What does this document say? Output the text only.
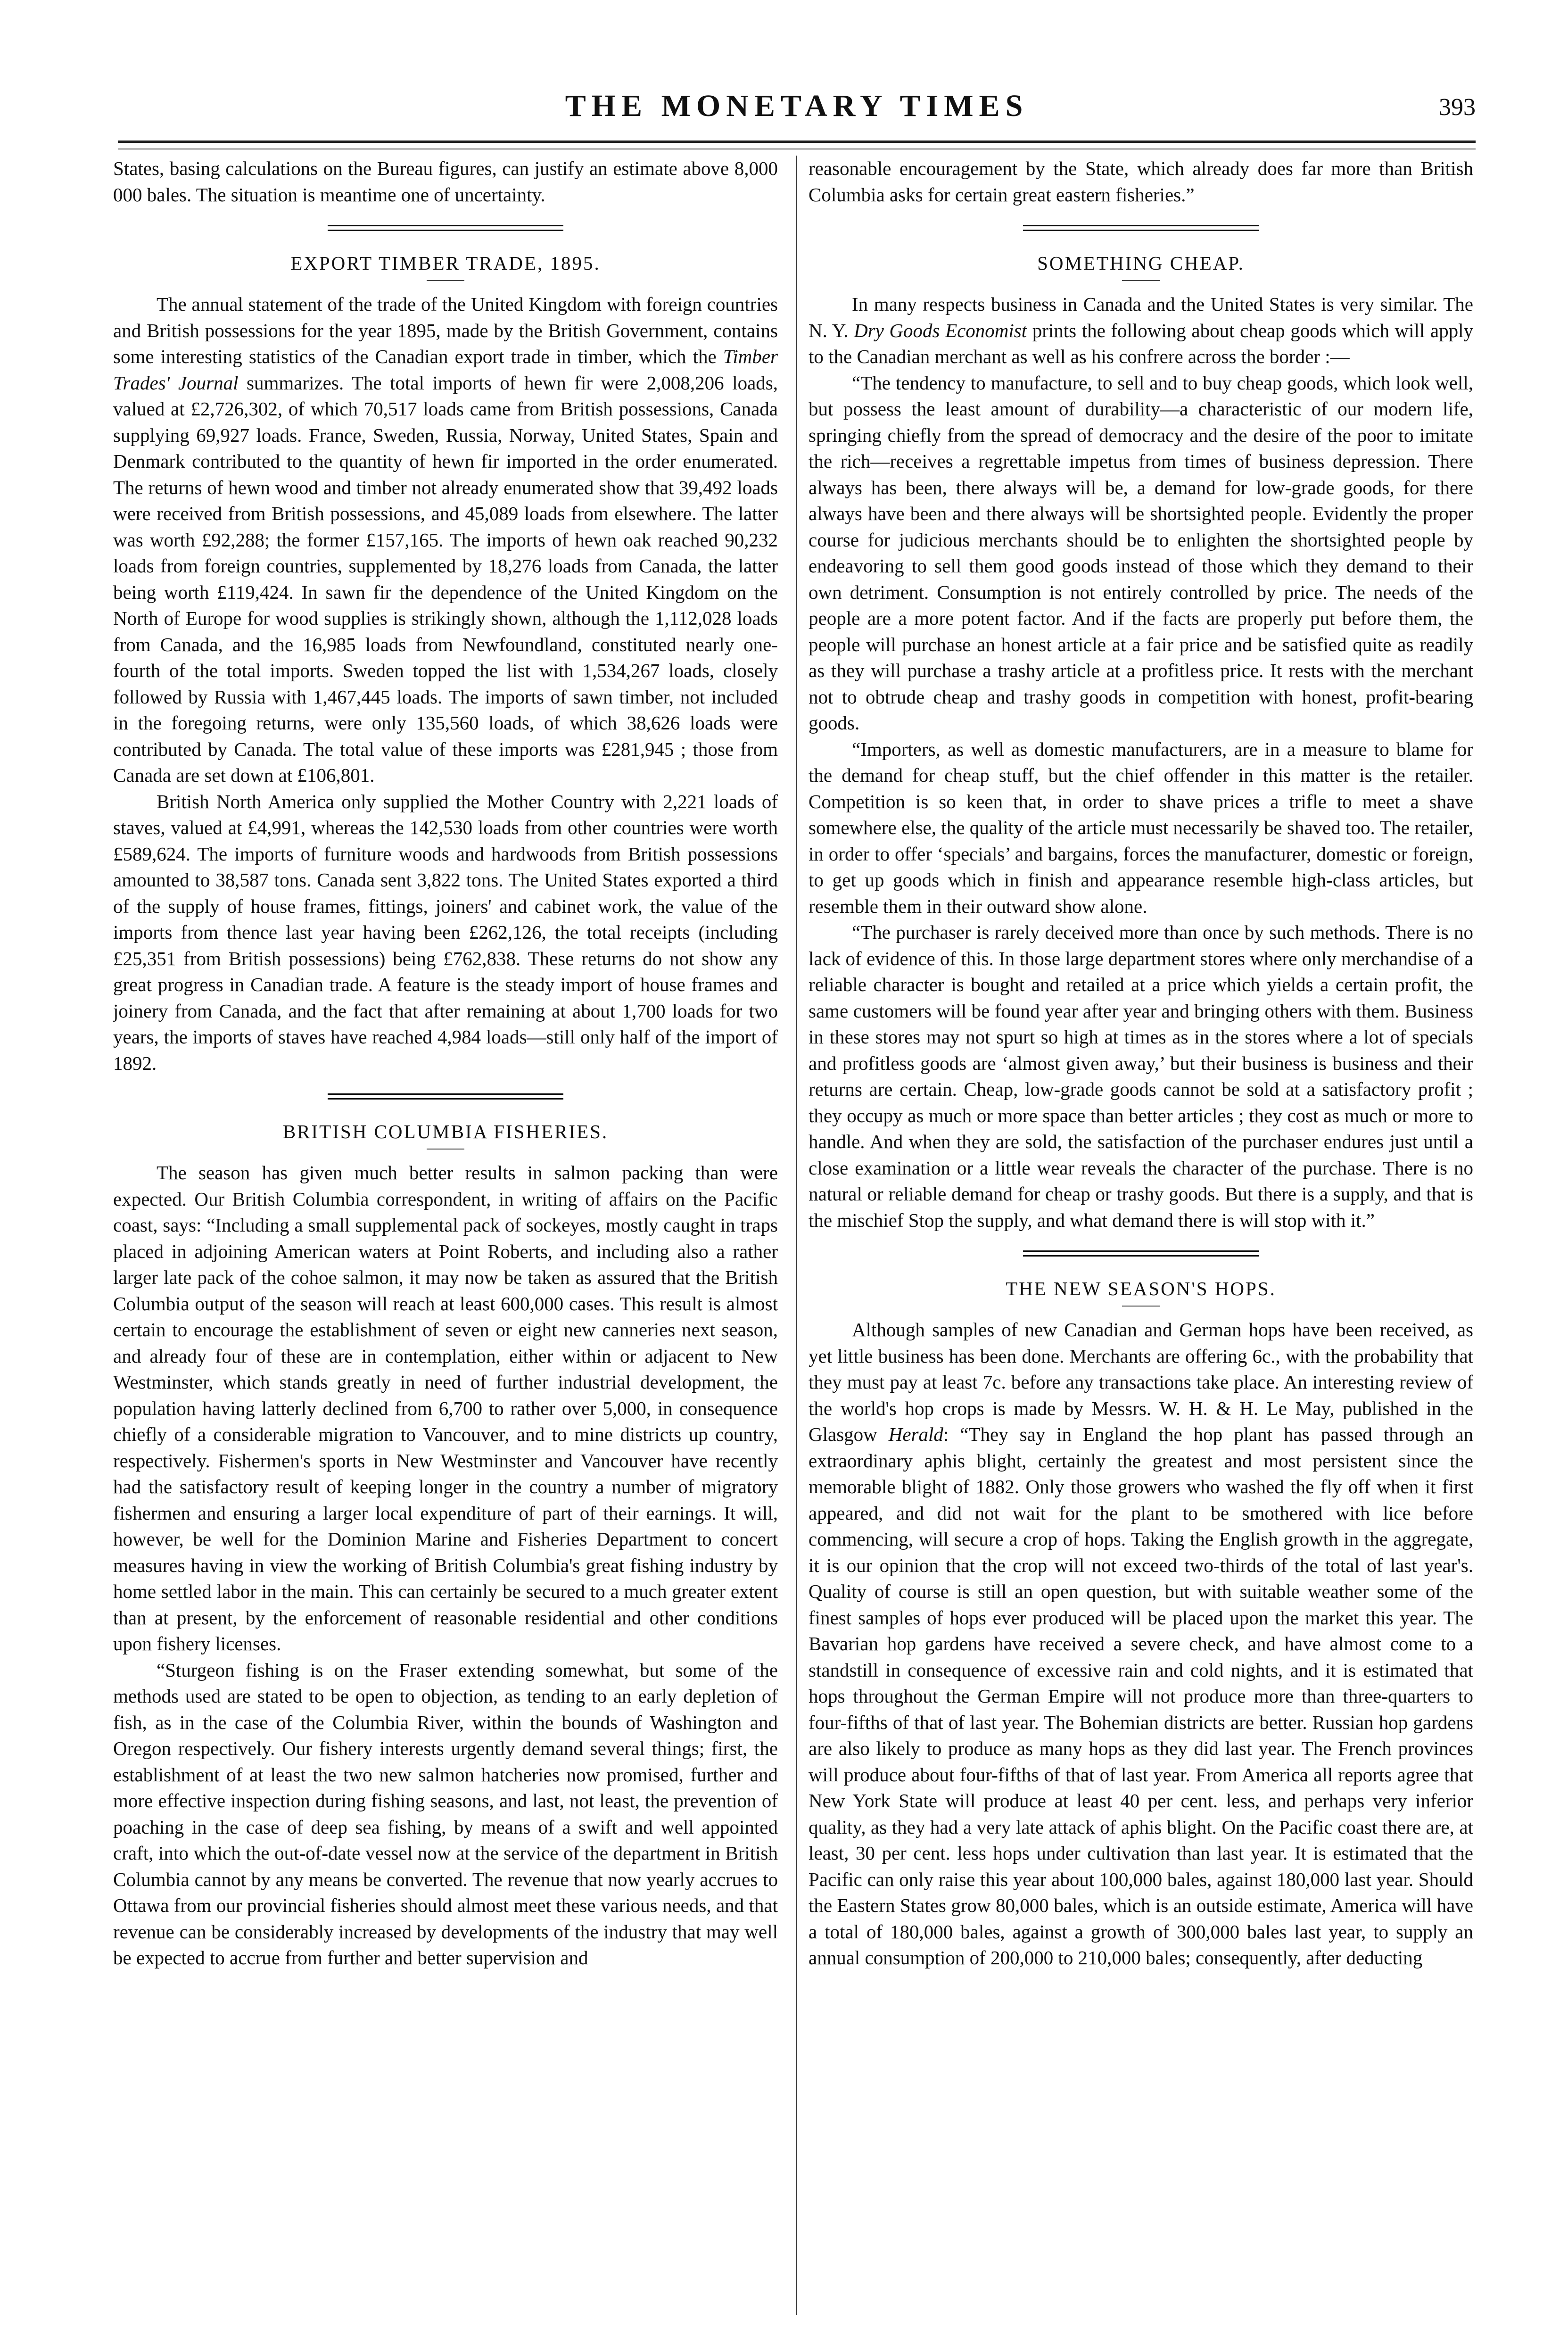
THE MONETARY TIMES	393

States, basing calculations on the Bureau figures, can justify an estimate above 8,000 000 bales. The situation is meantime one of uncertainty.

EXPORT TIMBER TRADE, 1895.

The annual statement of the trade of the United Kingdom with foreign countries and British possessions for the year 1895, made by the British Government, contains some interesting statistics of the Canadian export trade in timber, which the Timber Trades' Journal summarizes. The total imports of hewn fir were 2,008,206 loads, valued at £2,726,302, of which 70,517 loads came from British possessions, Canada supplying 69,927 loads. France, Sweden, Russia, Norway, United States, Spain and Denmark contributed to the quantity of hewn fir imported in the order enumerated. The returns of hewn wood and timber not already enumerated show that 39,492 loads were received from British possessions, and 45,089 loads from elsewhere. The latter was worth £92,288; the former £157,165. The imports of hewn oak reached 90,232 loads from foreign countries, supplemented by 18,276 loads from Canada, the latter being worth £119,424. In sawn fir the dependence of the United Kingdom on the North of Europe for wood supplies is strikingly shown, although the 1,112,028 loads from Canada, and the 16,985 loads from Newfoundland, constituted nearly one-fourth of the total imports. Sweden topped the list with 1,534,267 loads, closely followed by Russia with 1,467,445 loads. The imports of sawn timber, not included in the foregoing returns, were only 135,560 loads, of which 38,626 loads were contributed by Canada. The total value of these imports was £281,945 ; those from Canada are set down at £106,801.

British North America only supplied the Mother Country with 2,221 loads of staves, valued at £4,991, whereas the 142,530 loads from other countries were worth £589,624. The imports of furniture woods and hardwoods from British possessions amounted to 38,587 tons. Canada sent 3,822 tons. The United States exported a third of the supply of house frames, fittings, joiners' and cabinet work, the value of the imports from thence last year having been £262,126, the total receipts (including £25,351 from British possessions) being £762,838. These returns do not show any great progress in Canadian trade. A feature is the steady import of house frames and joinery from Canada, and the fact that after remaining at about 1,700 loads for two years, the imports of staves have reached 4,984 loads—still only half of the import of 1892.

BRITISH COLUMBIA FISHERIES.

The season has given much better results in salmon packing than were expected. Our British Columbia correspondent, in writing of affairs on the Pacific coast, says: “Including a small supplemental pack of sockeyes, mostly caught in traps placed in adjoining American waters at Point Roberts, and including also a rather larger late pack of the cohoe salmon, it may now be taken as assured that the British Columbia output of the season will reach at least 600,000 cases. This result is almost certain to encourage the establishment of seven or eight new canneries next season, and already four of these are in contemplation, either within or adjacent to New Westminster, which stands greatly in need of further industrial development, the population having latterly declined from 6,700 to rather over 5,000, in consequence chiefly of a considerable migration to Vancouver, and to mine districts up country, respectively. Fishermen's sports in New Westminster and Vancouver have recently had the satisfactory result of keeping longer in the country a number of migratory fishermen and ensuring a larger local expenditure of part of their earnings. It will, however, be well for the Dominion Marine and Fisheries Department to concert measures having in view the working of British Columbia's great fishing industry by home settled labor in the main. This can certainly be secured to a much greater extent than at present, by the enforcement of reasonable residential and other conditions upon fishery licenses.

“Sturgeon fishing is on the Fraser extending somewhat, but some of the methods used are stated to be open to objection, as tending to an early depletion of fish, as in the case of the Columbia River, within the bounds of Washington and Oregon respectively. Our fishery interests urgently demand several things; first, the establishment of at least the two new salmon hatcheries now promised, further and more effective inspection during fishing seasons, and last, not least, the prevention of poaching in the case of deep sea fishing, by means of a swift and well appointed craft, into which the out-of-date vessel now at the service of the department in British Columbia cannot by any means be converted. The revenue that now yearly accrues to Ottawa from our provincial fisheries should almost meet these various needs, and that revenue can be considerably increased by developments of the industry that may well be expected to accrue from further and better supervision and

reasonable encouragement by the State, which already does far more than British Columbia asks for certain great eastern fisheries.”

SOMETHING CHEAP.

In many respects business in Canada and the United States is very similar. The N. Y. Dry Goods Economist prints the following about cheap goods which will apply to the Canadian merchant as well as his confrere across the border :—

“The tendency to manufacture, to sell and to buy cheap goods, which look well, but possess the least amount of durability—a characteristic of our modern life, springing chiefly from the spread of democracy and the desire of the poor to imitate the rich—receives a regrettable impetus from times of business depression. There always has been, there always will be, a demand for low-grade goods, for there always have been and there always will be shortsighted people. Evidently the proper course for judicious merchants should be to enlighten the shortsighted people by endeavoring to sell them good goods instead of those which they demand to their own detriment. Consumption is not entirely controlled by price. The needs of the people are a more potent factor. And if the facts are properly put before them, the people will purchase an honest article at a fair price and be satisfied quite as readily as they will purchase a trashy article at a profitless price. It rests with the merchant not to obtrude cheap and trashy goods in competition with honest, profit-bearing goods.

“Importers, as well as domestic manufacturers, are in a measure to blame for the demand for cheap stuff, but the chief offender in this matter is the retailer. Competition is so keen that, in order to shave prices a trifle to meet a shave somewhere else, the quality of the article must necessarily be shaved too. The retailer, in order to offer ‘specials’ and bargains, forces the manufacturer, domestic or foreign, to get up goods which in finish and appearance resemble high-class articles, but resemble them in their outward show alone.

“The purchaser is rarely deceived more than once by such methods. There is no lack of evidence of this. In those large department stores where only merchandise of a reliable character is bought and retailed at a price which yields a certain profit, the same customers will be found year after year and bringing others with them. Business in these stores may not spurt so high at times as in the stores where a lot of specials and profitless goods are ‘almost given away,’ but their business is business and their returns are certain. Cheap, low-grade goods cannot be sold at a satisfactory profit ; they occupy as much or more space than better articles ; they cost as much or more to handle. And when they are sold, the satisfaction of the purchaser endures just until a close examination or a little wear reveals the character of the purchase. There is no natural or reliable demand for cheap or trashy goods. But there is a supply, and that is the mischief Stop the supply, and what demand there is will stop with it.”

THE NEW SEASON'S HOPS.

Although samples of new Canadian and German hops have been received, as yet little business has been done. Merchants are offering 6c., with the probability that they must pay at least 7c. before any transactions take place. An interesting review of the world's hop crops is made by Messrs. W. H. & H. Le May, published in the Glasgow Herald: “They say in England the hop plant has passed through an extraordinary aphis blight, certainly the greatest and most persistent since the memorable blight of 1882. Only those growers who washed the fly off when it first appeared, and did not wait for the plant to be smothered with lice before commencing, will secure a crop of hops. Taking the English growth in the aggregate, it is our opinion that the crop will not exceed two-thirds of the total of last year's. Quality of course is still an open question, but with suitable weather some of the finest samples of hops ever produced will be placed upon the market this year. The Bavarian hop gardens have received a severe check, and have almost come to a standstill in consequence of excessive rain and cold nights, and it is estimated that hops throughout the German Empire will not produce more than three-quarters to four-fifths of that of last year. The Bohemian districts are better. Russian hop gardens are also likely to produce as many hops as they did last year. The French provinces will produce about four-fifths of that of last year. From America all reports agree that New York State will produce at least 40 per cent. less, and perhaps very inferior quality, as they had a very late attack of aphis blight. On the Pacific coast there are, at least, 30 per cent. less hops under cultivation than last year. It is estimated that the Pacific can only raise this year about 100,000 bales, against 180,000 last year. Should the Eastern States grow 80,000 bales, which is an outside estimate, America will have a total of 180,000 bales, against a growth of 300,000 bales last year, to supply an annual consumption of 200,000 to 210,000 bales; consequently, after deducting
